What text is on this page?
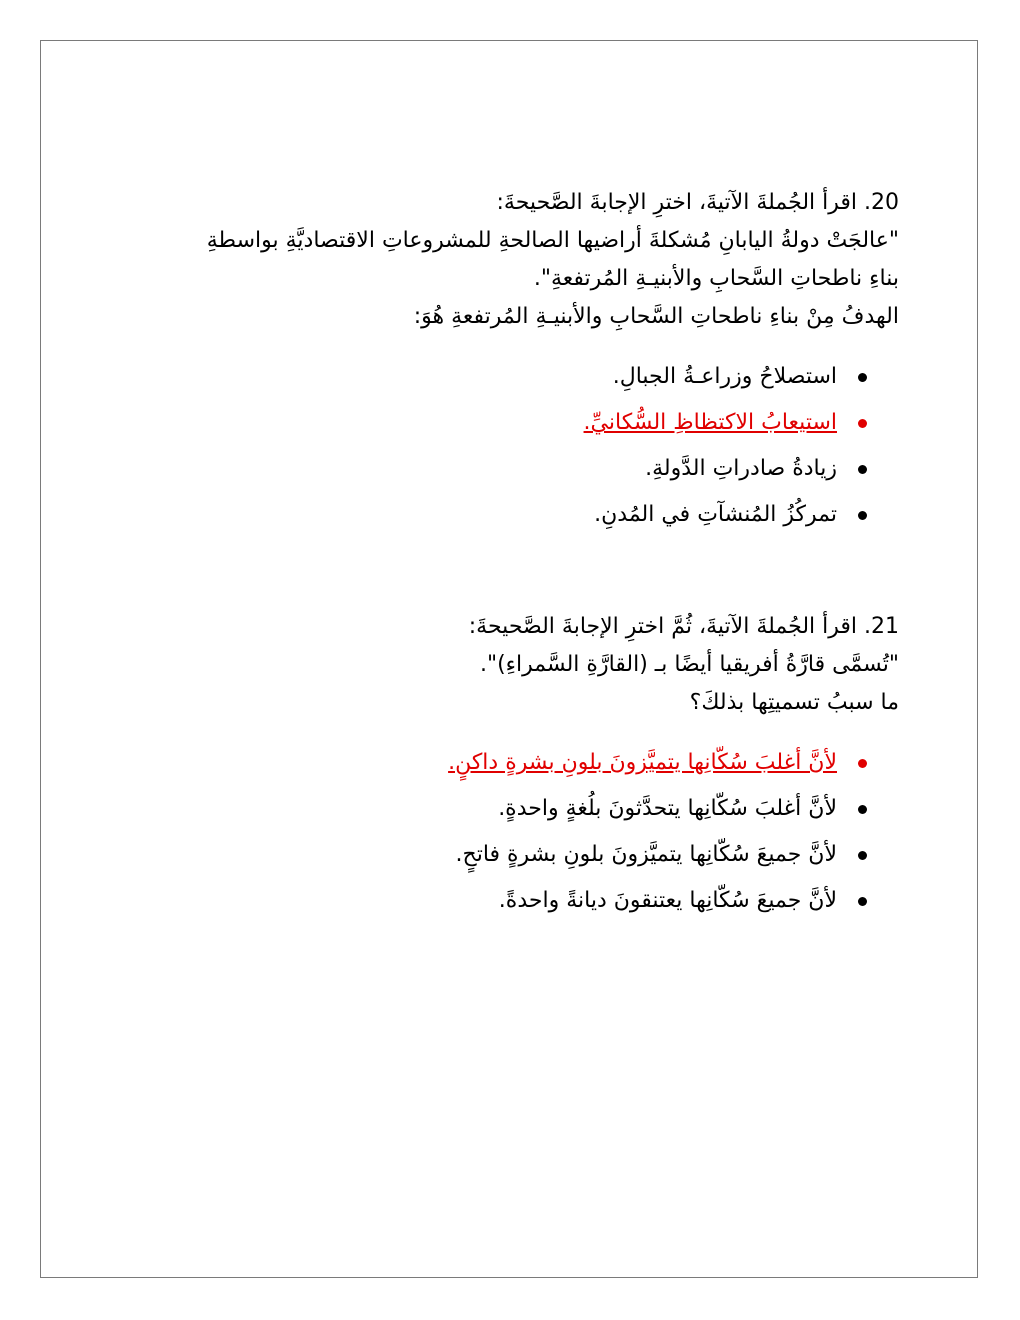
20. اقرأ الجُملةَ الآتيةَ، اخترِ الإجابةَ الصَّحيحةَ:
"عالجَتْ دولةُ اليابانِ مُشكلةَ أراضيها الصالحةِ للمشروعاتِ الاقتصاديَّةِ بواسطةِ
بناءِ ناطحاتِ السَّحابِ والأبنيـةِ المُرتفعةِ".
الهدفُ مِنْ بناءِ ناطحاتِ السَّحابِ والأبنيـةِ المُرتفعةِ هُوَ:
استصلاحُ وزراعـةُ الجبالِ.
استيعابُ الاكتظاظِ السُّكانيِّ.
زيادةُ صادراتِ الدَّولةِ.
تمركُزُ المُنشآتِ في المُدنِ.
21. اقرأ الجُملةَ الآتيةَ، ثُمَّ اخترِ الإجابةَ الصَّحيحةَ:
"تُسمَّى قارَّةُ أفريقيا أيضًا بـ (القارَّةِ السَّمراءِ)".
ما سببُ تسميتِها بذلكَ؟
لأنَّ أغلبَ سُكّانِها يتميَّزونَ بلونِ بشرةٍ داكنٍ.
لأنَّ أغلبَ سُكّانِها يتحدَّثونَ بلُغةٍ واحدةٍ.
لأنَّ جميعَ سُكّانِها يتميَّزونَ بلونِ بشرةٍ فاتحٍ.
لأنَّ جميعَ سُكّانِها يعتنقونَ ديانةً واحدةً.
